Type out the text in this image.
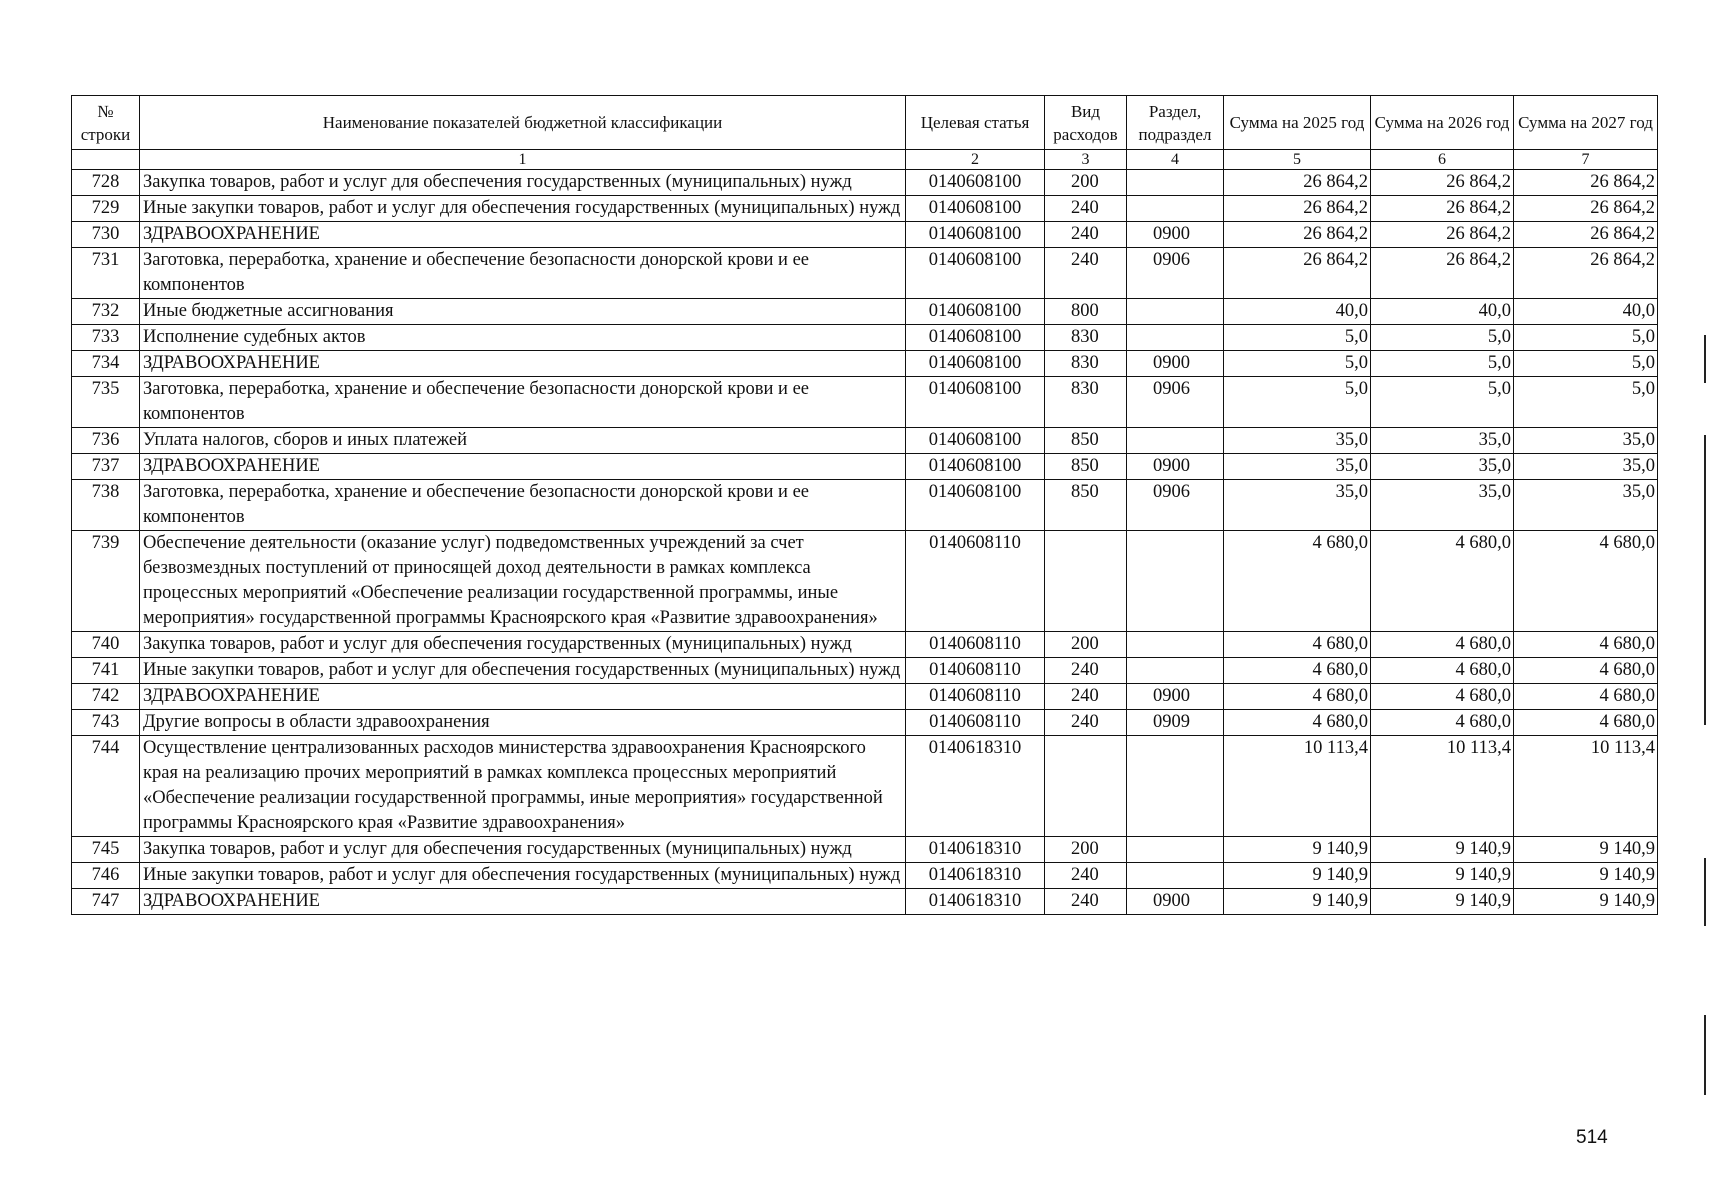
№ строки	Наименование показателей бюджетной классификации	Целевая статья	Вид расходов	Раздел, подраздел	Сумма на 2025 год	Сумма на 2026 год	Сумма на 2027 год
	1	2	3	4	5	6	7
728	Закупка товаров, работ и услуг для обеспечения государственных (муниципальных) нужд	0140608100	200		26 864,2	26 864,2	26 864,2
729	Иные закупки товаров, работ и услуг для обеспечения государственных (муниципальных) нужд	0140608100	240		26 864,2	26 864,2	26 864,2
730	ЗДРАВООХРАНЕНИЕ	0140608100	240	0900	26 864,2	26 864,2	26 864,2
731	Заготовка, переработка, хранение и обеспечение безопасности донорской крови и ее компонентов	0140608100	240	0906	26 864,2	26 864,2	26 864,2
732	Иные бюджетные ассигнования	0140608100	800		40,0	40,0	40,0
733	Исполнение судебных актов	0140608100	830		5,0	5,0	5,0
734	ЗДРАВООХРАНЕНИЕ	0140608100	830	0900	5,0	5,0	5,0
735	Заготовка, переработка, хранение и обеспечение безопасности донорской крови и ее компонентов	0140608100	830	0906	5,0	5,0	5,0
736	Уплата налогов, сборов и иных платежей	0140608100	850		35,0	35,0	35,0
737	ЗДРАВООХРАНЕНИЕ	0140608100	850	0900	35,0	35,0	35,0
738	Заготовка, переработка, хранение и обеспечение безопасности донорской крови и ее компонентов	0140608100	850	0906	35,0	35,0	35,0
739	Обеспечение деятельности (оказание услуг) подведомственных учреждений за счет безвозмездных поступлений от приносящей доход деятельности в рамках комплекса процессных мероприятий «Обеспечение реализации государственной программы, иные мероприятия» государственной программы Красноярского края «Развитие здравоохранения»	0140608110			4 680,0	4 680,0	4 680,0
740	Закупка товаров, работ и услуг для обеспечения государственных (муниципальных) нужд	0140608110	200		4 680,0	4 680,0	4 680,0
741	Иные закупки товаров, работ и услуг для обеспечения государственных (муниципальных) нужд	0140608110	240		4 680,0	4 680,0	4 680,0
742	ЗДРАВООХРАНЕНИЕ	0140608110	240	0900	4 680,0	4 680,0	4 680,0
743	Другие вопросы в области здравоохранения	0140608110	240	0909	4 680,0	4 680,0	4 680,0
744	Осуществление централизованных расходов министерства здравоохранения Красноярского края на реализацию прочих мероприятий в рамках комплекса процессных мероприятий «Обеспечение реализации государственной программы, иные мероприятия» государственной программы Красноярского края «Развитие здравоохранения»	0140618310			10 113,4	10 113,4	10 113,4
745	Закупка товаров, работ и услуг для обеспечения государственных (муниципальных) нужд	0140618310	200		9 140,9	9 140,9	9 140,9
746	Иные закупки товаров, работ и услуг для обеспечения государственных (муниципальных) нужд	0140618310	240		9 140,9	9 140,9	9 140,9
747	ЗДРАВООХРАНЕНИЕ	0140618310	240	0900	9 140,9	9 140,9	9 140,9
514
